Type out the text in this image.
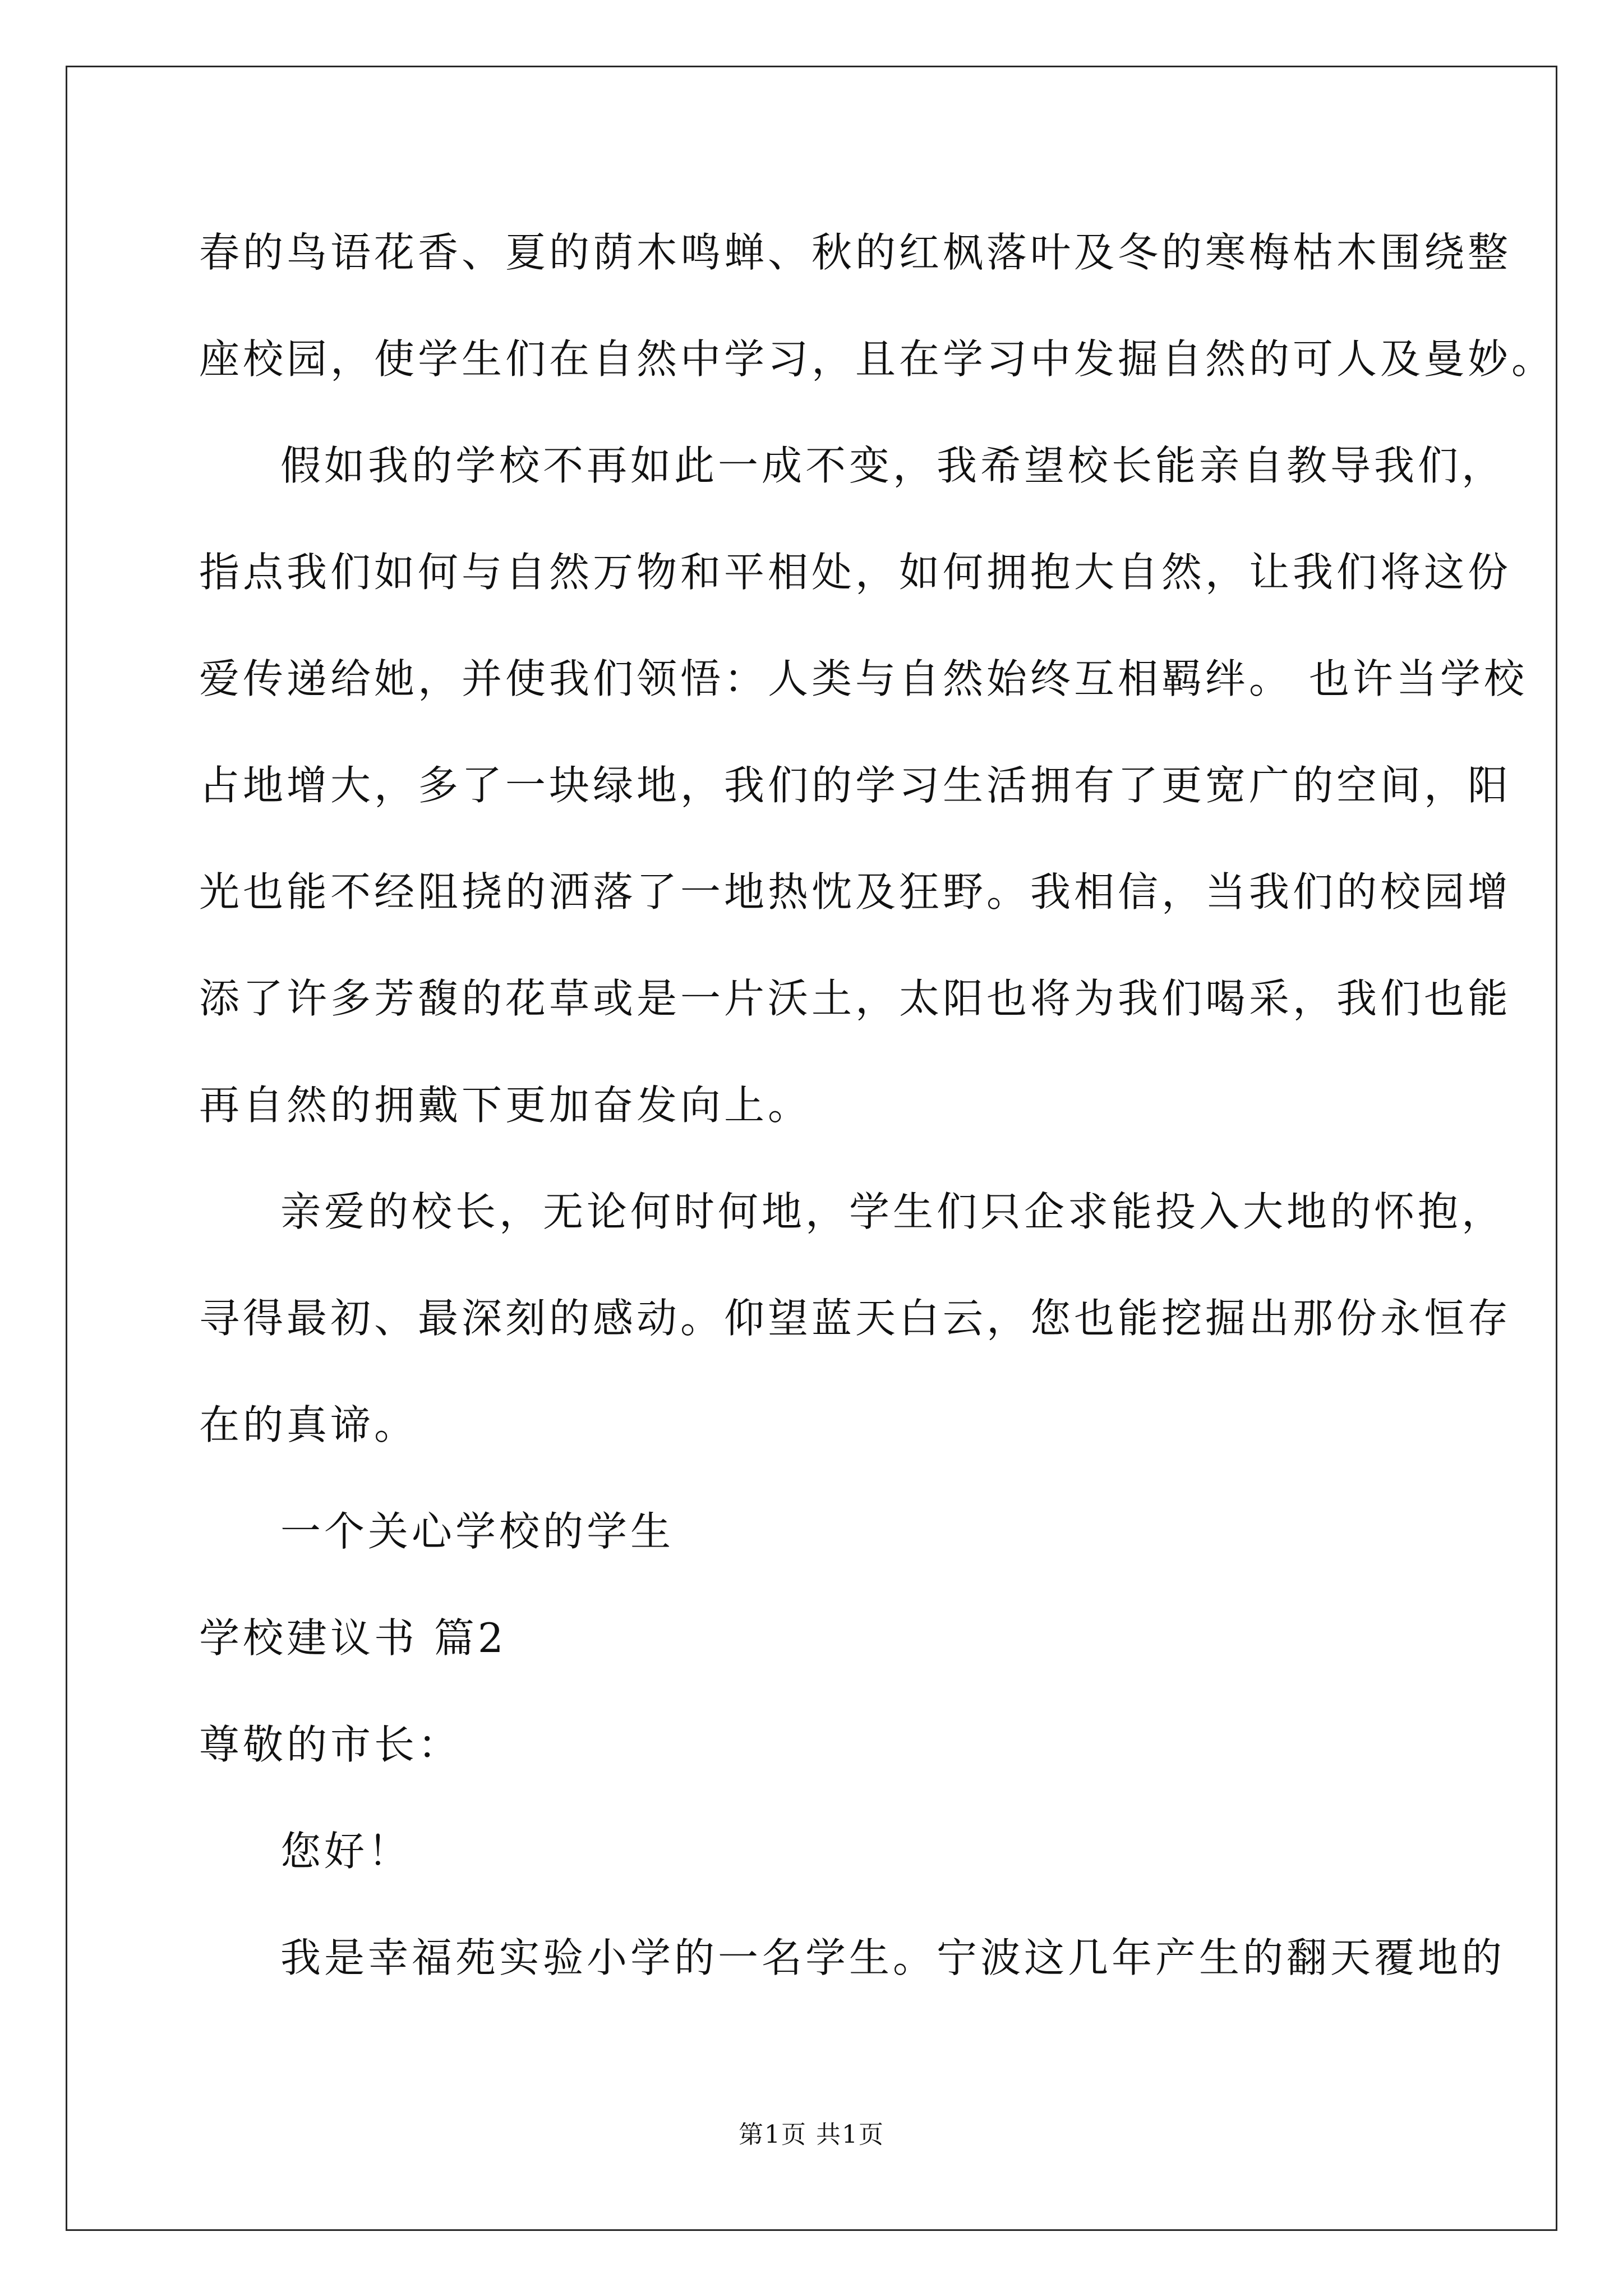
春的鸟语花香、夏的荫木鸣蝉、秋的红枫落叶及冬的寒梅枯木围绕整
座校园，使学生们在自然中学习，且在学习中发掘自然的可人及曼妙。
假如我的学校不再如此一成不变，我希望校长能亲自教导我们，
指点我们如何与自然万物和平相处，如何拥抱大自然，让我们将这份
爱传递给她，并使我们领悟：人类与自然始终互相羁绊。 也许当学校
占地增大，多了一块绿地，我们的学习生活拥有了更宽广的空间，阳
光也能不经阻挠的洒落了一地热忱及狂野。我相信，当我们的校园增
添了许多芳馥的花草或是一片沃土，太阳也将为我们喝采，我们也能
再自然的拥戴下更加奋发向上。
亲爱的校长，无论何时何地，学生们只企求能投入大地的怀抱，
寻得最初、最深刻的感动。仰望蓝天白云，您也能挖掘出那份永恒存
在的真谛。
一个关心学校的学生
学校建议书 篇2
尊敬的市长：
您好！
我是幸福苑实验小学的一名学生。宁波这几年产生的翻天覆地的
第1页 共1页
